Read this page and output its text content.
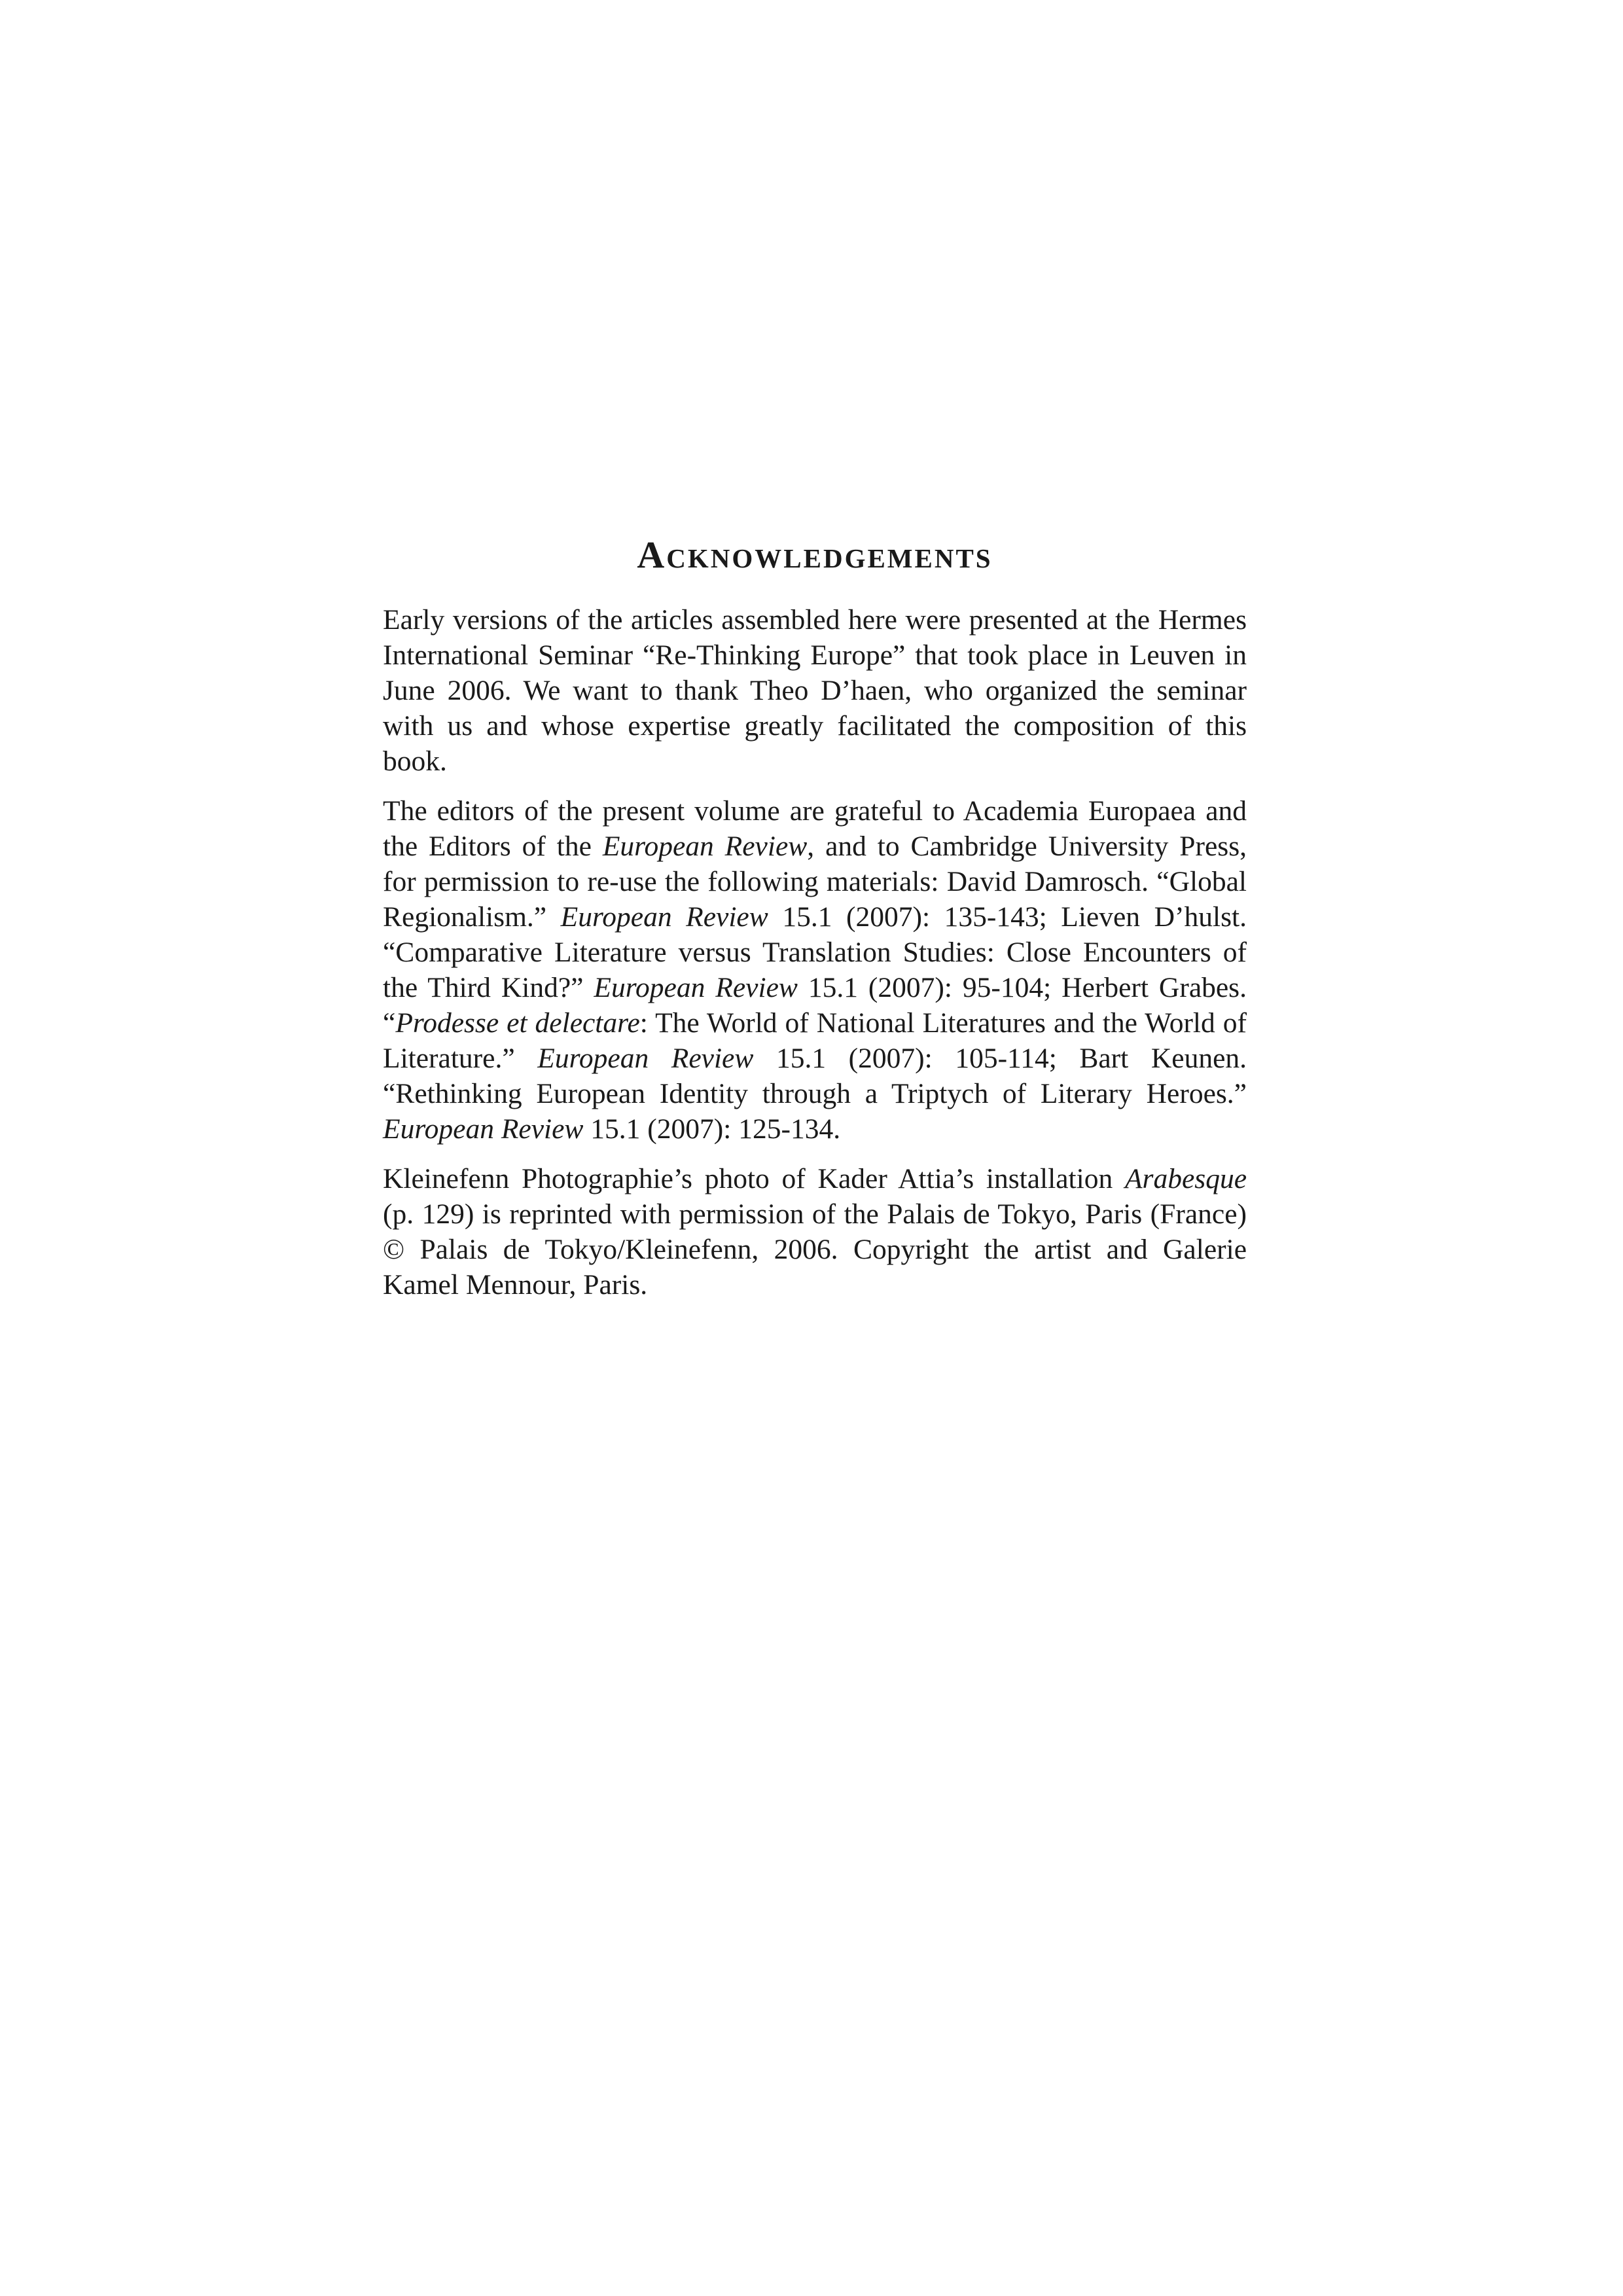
Acknowledgements

Early versions of the articles assembled here were presented at the Hermes International Seminar “Re-Thinking Europe” that took place in Leuven in June 2006. We want to thank Theo D’haen, who organized the seminar with us and whose expertise greatly facilitated the composition of this book.

The editors of the present volume are grateful to Academia Europaea and the Editors of the European Review, and to Cambridge University Press, for permission to re-use the following materials: David Damrosch. “Global Regionalism.” European Review 15.1 (2007): 135-143; Lieven D’hulst. “Comparative Literature versus Translation Studies: Close Encounters of the Third Kind?” European Review 15.1 (2007): 95-104; Herbert Grabes. “Prodesse et delectare: The World of National Literatures and the World of Literature.” European Review 15.1 (2007): 105-114; Bart Keunen. “Rethinking European Identity through a Triptych of Literary Heroes.” European Review 15.1 (2007): 125-134.

Kleinefenn Photographie’s photo of Kader Attia’s installation Arabesque (p. 129) is reprinted with permission of the Palais de Tokyo, Paris (France) © Palais de Tokyo/Kleinefenn, 2006. Copyright the artist and Galerie Kamel Mennour, Paris.
